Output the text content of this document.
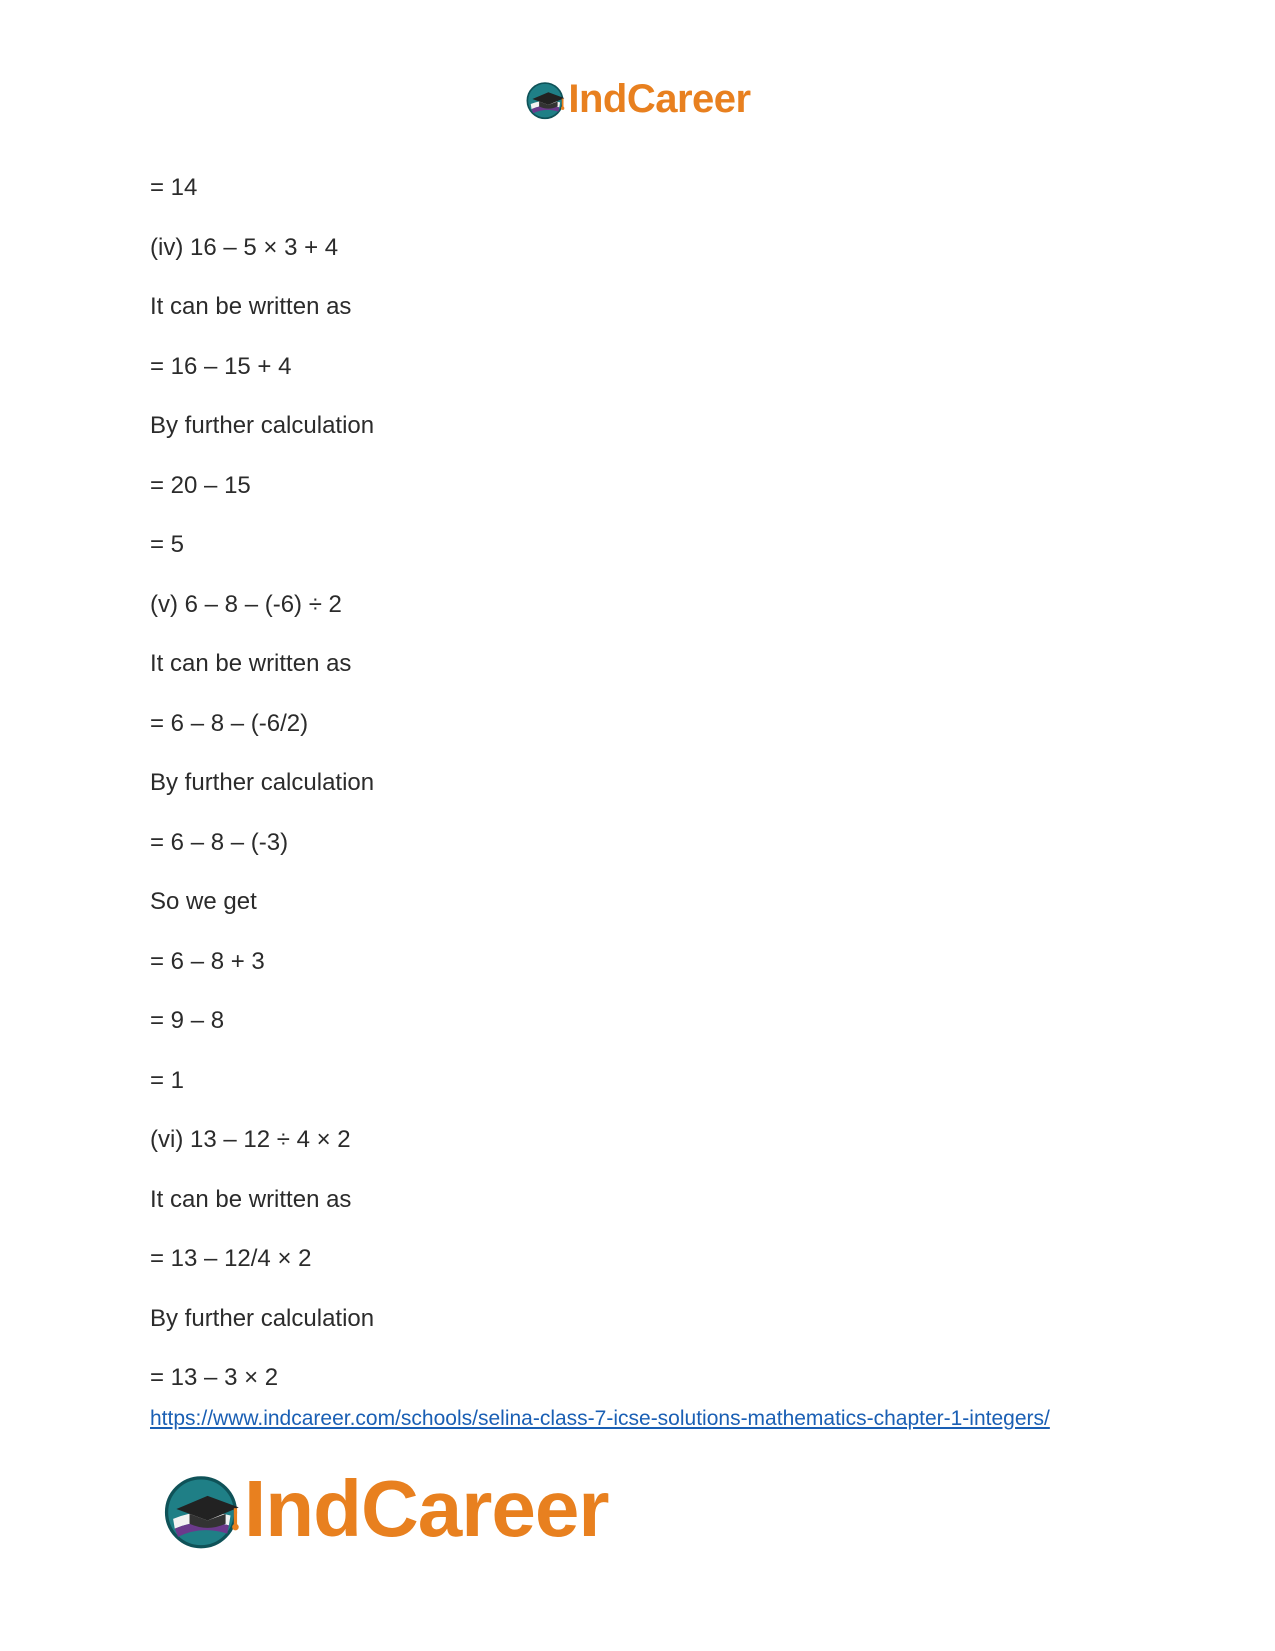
IndCareer
= 14
(iv) 16 – 5 × 3 + 4
It can be written as
= 16 – 15 + 4
By further calculation
= 20 – 15
= 5
(v) 6 – 8 – (-6) ÷ 2
It can be written as
= 6 – 8 – (-6/2)
By further calculation
= 6 – 8 – (-3)
So we get
= 6 – 8 + 3
= 9 – 8
= 1
(vi) 13 – 12 ÷ 4 × 2
It can be written as
= 13 – 12/4 × 2
By further calculation
= 13 – 3 × 2
https://www.indcareer.com/schools/selina-class-7-icse-solutions-mathematics-chapter-1-integers/
IndCareer
